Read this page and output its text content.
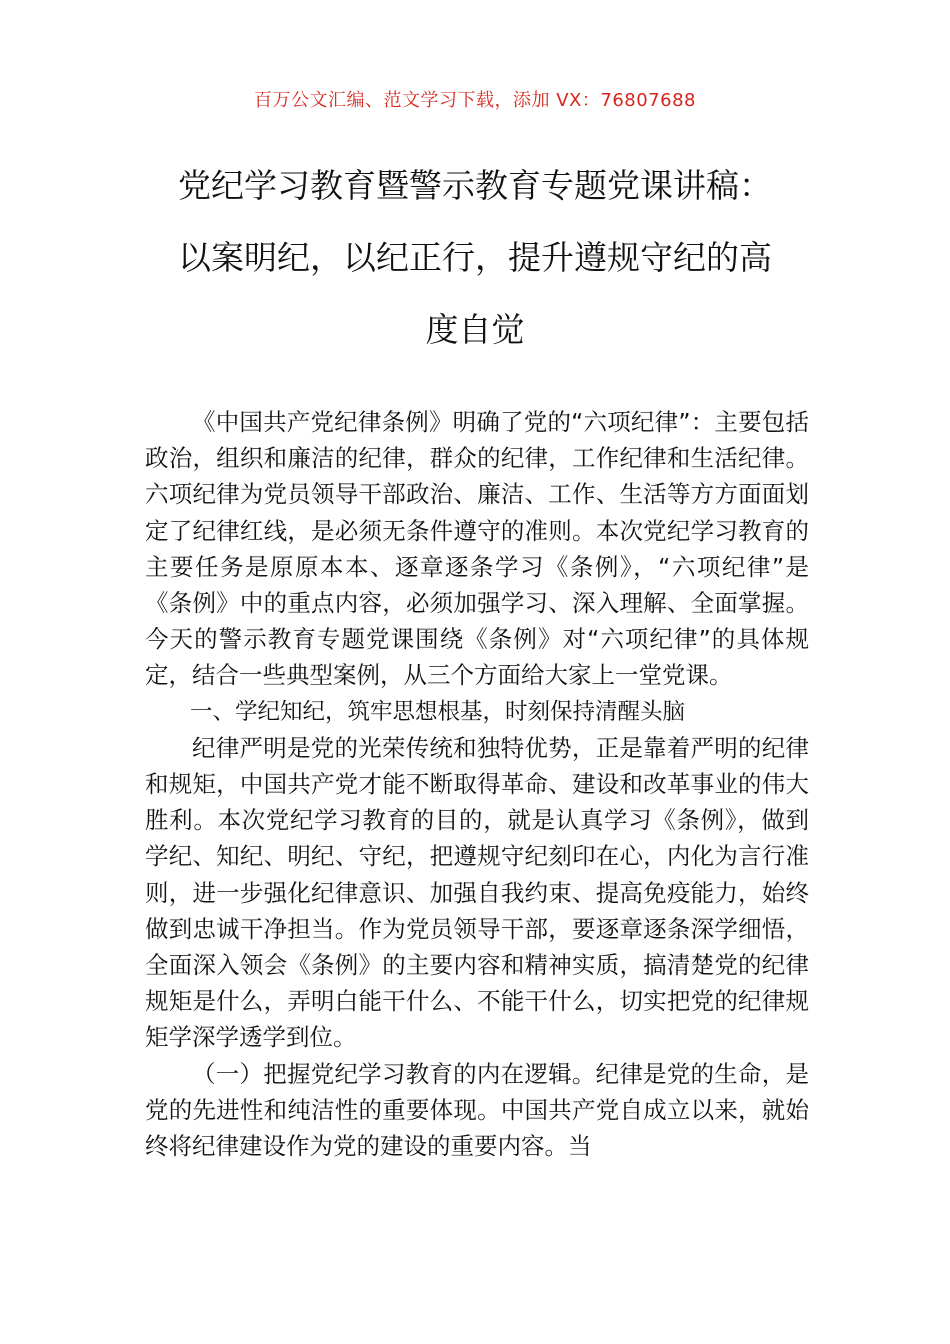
百万公文汇编、范文学习下载，添加 VX：76807688
党纪学习教育暨警示教育专题党课讲稿：
以案明纪，以纪正行，提升遵规守纪的高
度自觉

《中国共产党纪律条例》明确了党的“六项纪律”：主要包括政治，组织和廉洁的纪律，群众的纪律，工作纪律和生活纪律。六项纪律为党员领导干部政治、廉洁、工作、生活等方方面面划定了纪律红线，是必须无条件遵守的准则。本次党纪学习教育的主要任务是原原本本、逐章逐条学习《条例》，“六项纪律”是《条例》中的重点内容，必须加强学习、深入理解、全面掌握。今天的警示教育专题党课围绕《条例》对“六项纪律”的具体规定，结合一些典型案例，从三个方面给大家上一堂党课。

一、学纪知纪，筑牢思想根基，时刻保持清醒头脑

纪律严明是党的光荣传统和独特优势，正是靠着严明的纪律和规矩，中国共产党才能不断取得革命、建设和改革事业的伟大胜利。本次党纪学习教育的目的，就是认真学习《条例》，做到学纪、知纪、明纪、守纪，把遵规守纪刻印在心，内化为言行准则，进一步强化纪律意识、加强自我约束、提高免疫能力，始终做到忠诚干净担当。作为党员领导干部，要逐章逐条深学细悟，全面深入领会《条例》的主要内容和精神实质，搞清楚党的纪律规矩是什么，弄明白能干什么、不能干什么，切实把党的纪律规矩学深学透学到位。

（一）把握党纪学习教育的内在逻辑。纪律是党的生命，是党的先进性和纯洁性的重要体现。中国共产党自成立以来，就始终将纪律建设作为党的建设的重要内容。当
